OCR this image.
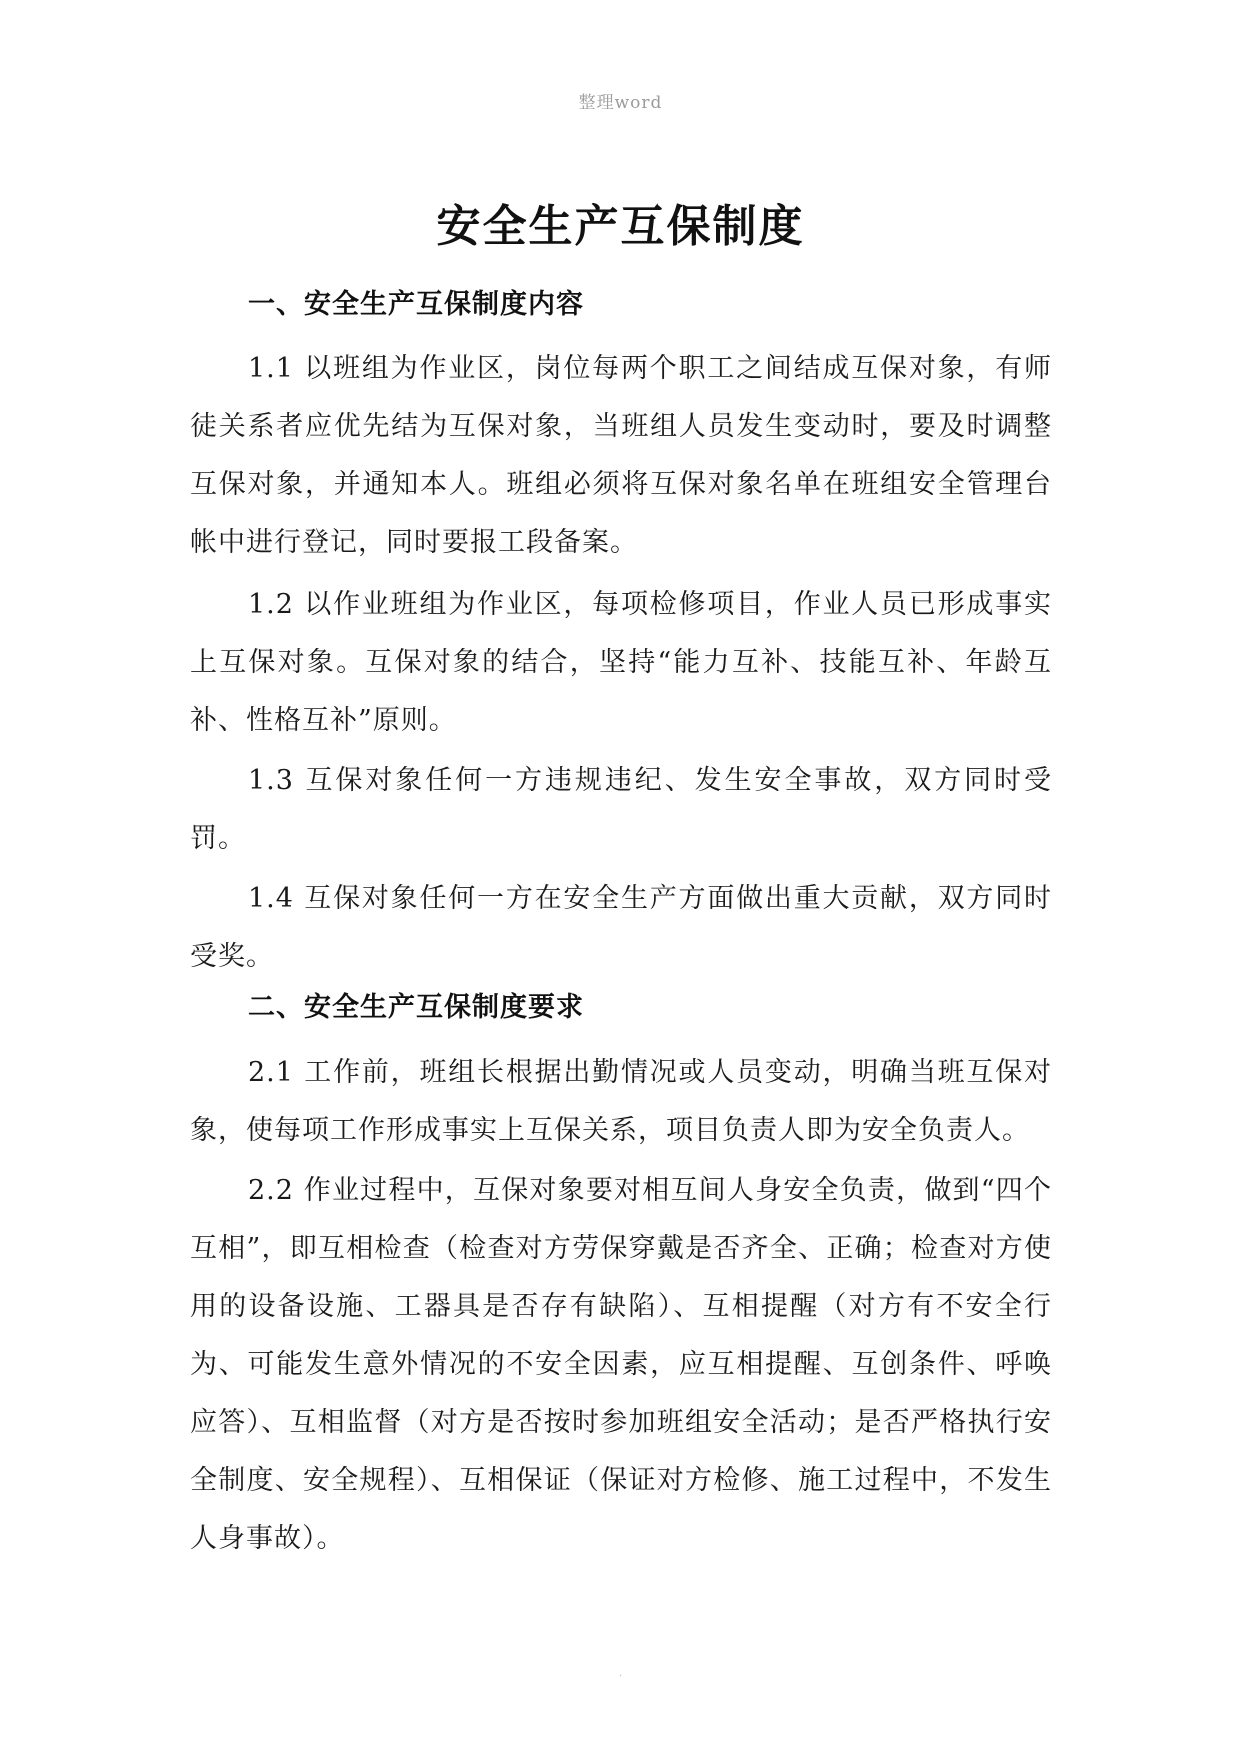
整理word
安全生产互保制度
一、安全生产互保制度内容
1.1 以班组为作业区，岗位每两个职工之间结成互保对象，有师徒关系者应优先结为互保对象，当班组人员发生变动时，要及时调整互保对象，并通知本人。班组必须将互保对象名单在班组安全管理台帐中进行登记，同时要报工段备案。
1.2 以作业班组为作业区，每项检修项目，作业人员已形成事实上互保对象。互保对象的结合，坚持“能力互补、技能互补、年龄互补、性格互补”原则。
1.3 互保对象任何一方违规违纪、发生安全事故，双方同时受罚。
1.4 互保对象任何一方在安全生产方面做出重大贡献，双方同时受奖。
二、安全生产互保制度要求
2.1 工作前，班组长根据出勤情况或人员变动，明确当班互保对象，使每项工作形成事实上互保关系，项目负责人即为安全负责人。
2.2 作业过程中，互保对象要对相互间人身安全负责，做到“四个互相”，即互相检查（检查对方劳保穿戴是否齐全、正确；检查对方使用的设备设施、工器具是否存有缺陷）、互相提醒（对方有不安全行为、可能发生意外情况的不安全因素，应互相提醒、互创条件、呼唤应答）、互相监督（对方是否按时参加班组安全活动；是否严格执行安全制度、安全规程）、互相保证（保证对方检修、施工过程中，不发生人身事故）。
.
